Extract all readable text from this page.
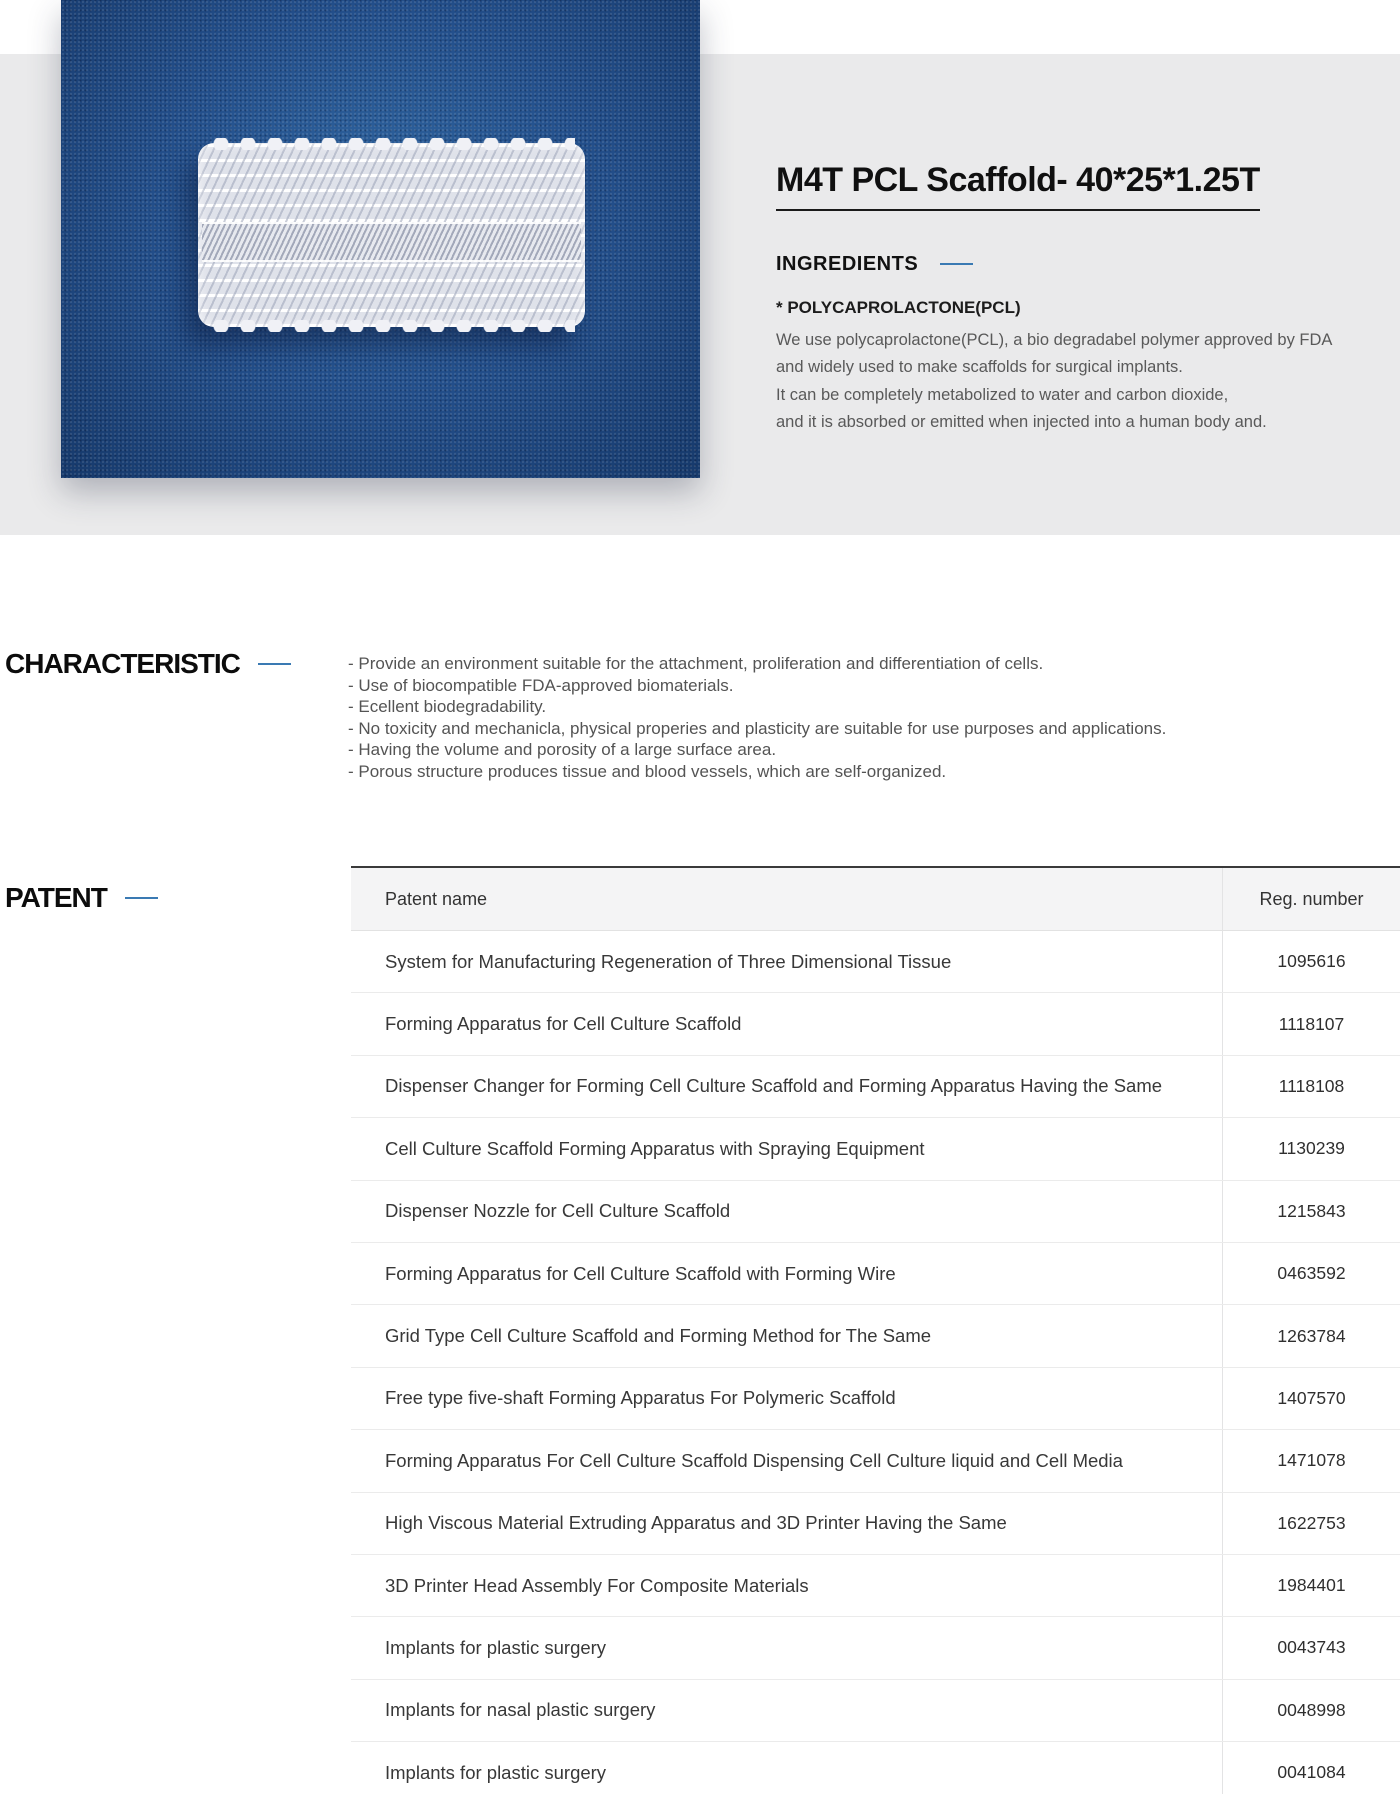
M4T PCL Scaffold- 40*25*1.25T
INGREDIENTS
* POLYCAPROLACTONE(PCL)
We use polycaprolactone(PCL), a bio degradabel polymer approved by FDA
and widely used to make scaffolds for surgical implants.
It can be completely metabolized to water and carbon dioxide,
and it is absorbed or emitted when injected into a human body and.
CHARACTERISTIC	- Provide an environment suitable for the attachment, proliferation and differentiation of cells.
- Use of biocompatible FDA-approved biomaterials.
- Ecellent biodegradability.
- No toxicity and mechanicla, physical properies and plasticity are suitable for use purposes and applications.
- Having the volume and porosity of a large surface area.
- Porous structure produces tissue and blood vessels, which are self-organized.
PATENT	Patent name	Reg. number
System for Manufacturing Regeneration of Three Dimensional Tissue	1095616
Forming Apparatus for Cell Culture Scaffold	1118107
Dispenser Changer for Forming Cell Culture Scaffold and Forming Apparatus Having the Same	1118108
Cell Culture Scaffold Forming Apparatus with Spraying Equipment	1130239
Dispenser Nozzle for Cell Culture Scaffold	1215843
Forming Apparatus for Cell Culture Scaffold with Forming Wire	0463592
Grid Type Cell Culture Scaffold and Forming Method for The Same	1263784
Free type five-shaft Forming Apparatus For Polymeric Scaffold	1407570
Forming Apparatus For Cell Culture Scaffold Dispensing Cell Culture liquid and Cell Media	1471078
High Viscous Material Extruding Apparatus and 3D Printer Having the Same	1622753
3D Printer Head Assembly For Composite Materials	1984401
Implants for plastic surgery	0043743
Implants for nasal plastic surgery	0048998
Implants for plastic surgery	0041084
